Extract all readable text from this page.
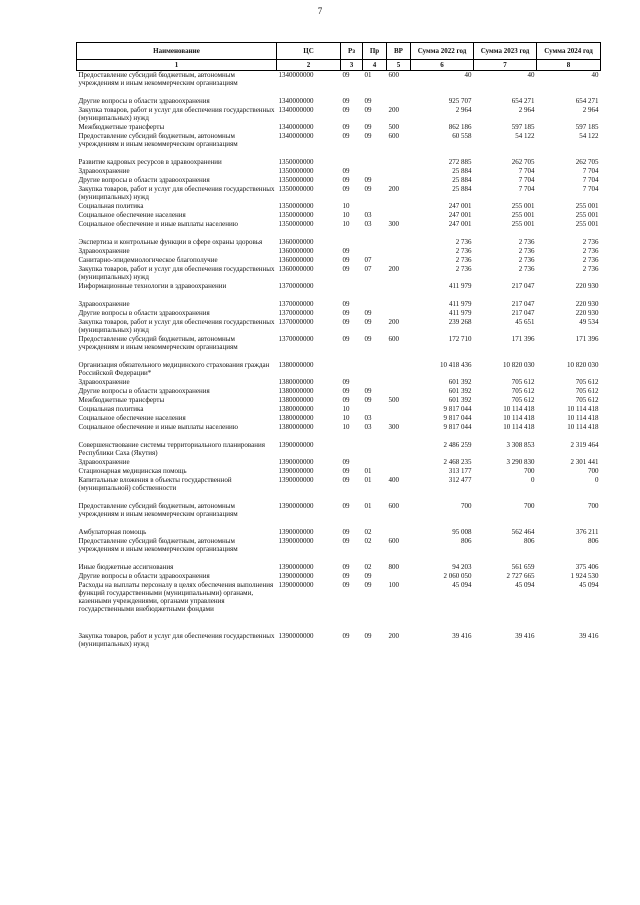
7
Наименование	ЦС	Рз	Пр	ВР	Сумма 2022 год	Сумма 2023 год	Сумма 2024 год
1	2	3	4	5	6	7	8
Предоставление субсидий бюджетным, автономным учреждениям и иным некоммерческим организациям	1340000000	09	01	600	40	40	40

Другие вопросы в области здравоохранения	1340000000	09	09		925 707	654 271	654 271
Закупка товаров, работ и услуг для обеспечения государственных (муниципальных) нужд	1340000000	09	09	200	2 964	2 964	2 964
Межбюджетные трансферты	1340000000	09	09	500	862 186	597 185	597 185
Предоставление субсидий бюджетным, автономным учреждениям и иным некоммерческим организациям	1340000000	09	09	600	60 558	54 122	54 122

Развитие кадровых ресурсов в здравоохранении	1350000000				272 885	262 705	262 705
Здравоохранение	1350000000	09			25 884	7 704	7 704
Другие вопросы в области здравоохранения	1350000000	09	09		25 884	7 704	7 704
Закупка товаров, работ и услуг для обеспечения государственных (муниципальных) нужд	1350000000	09	09	200	25 884	7 704	7 704
Социальная политика	1350000000	10			247 001	255 001	255 001
Социальное обеспечение населения	1350000000	10	03		247 001	255 001	255 001
Социальное обеспечение и иные выплаты населению	1350000000	10	03	300	247 001	255 001	255 001

Экспертиза и контрольные функции в сфере охраны здоровья	1360000000				2 736	2 736	2 736
Здравоохранение	1360000000	09			2 736	2 736	2 736
Санитарно-эпидемиологическое благополучие	1360000000	09	07		2 736	2 736	2 736
Закупка товаров, работ и услуг для обеспечения государственных (муниципальных) нужд	1360000000	09	07	200	2 736	2 736	2 736
Информационные технологии в здравоохранении	1370000000				411 979	217 047	220 930

Здравоохранение	1370000000	09			411 979	217 047	220 930
Другие вопросы в области здравоохранения	1370000000	09	09		411 979	217 047	220 930
Закупка товаров, работ и услуг для обеспечения государственных (муниципальных) нужд	1370000000	09	09	200	239 268	45 651	49 534
Предоставление субсидий бюджетным, автономным учреждениям и иным некоммерческим организациям	1370000000	09	09	600	172 710	171 396	171 396

Организация обязательного медицинского страхования граждан Российской Федерации*	1380000000				10 418 436	10 820 030	10 820 030
Здравоохранение	1380000000	09			601 392	705 612	705 612
Другие вопросы в области здравоохранения	1380000000	09	09		601 392	705 612	705 612
Межбюджетные трансферты	1380000000	09	09	500	601 392	705 612	705 612
Социальная политика	1380000000	10			9 817 044	10 114 418	10 114 418
Социальное обеспечение населения	1380000000	10	03		9 817 044	10 114 418	10 114 418
Социальное обеспечение и иные выплаты населению	1380000000	10	03	300	9 817 044	10 114 418	10 114 418

Совершенствование системы территориального планирования Республики Саха (Якутия)	1390000000				2 486 259	3 308 853	2 319 464
Здравоохранение	1390000000	09			2 468 235	3 290 830	2 301 441
Стационарная медицинская помощь	1390000000	09	01		313 177	700	700
Капитальные вложения в объекты государственной (муниципальной) собственности	1390000000	09	01	400	312 477	0	0

Предоставление субсидий бюджетным, автономным учреждениям и иным некоммерческим организациям	1390000000	09	01	600	700	700	700

Амбулаторная помощь	1390000000	09	02		95 008	562 464	376 211
Предоставление субсидий бюджетным, автономным учреждениям и иным некоммерческим организациям	1390000000	09	02	600	806	806	806

Иные бюджетные ассигнования	1390000000	09	02	800	94 203	561 659	375 406
Другие вопросы в области здравоохранения	1390000000	09	09		2 060 050	2 727 665	1 924 530
Расходы на выплаты персоналу в целях обеспечения выполнения функций государственными (муниципальными) органами, казенными учреждениями, органами управления государственными внебюджетными фондами	1390000000	09	09	100	45 094	45 094	45 094

Закупка товаров, работ и услуг для обеспечения государственных (муниципальных) нужд	1390000000	09	09	200	39 416	39 416	39 416
